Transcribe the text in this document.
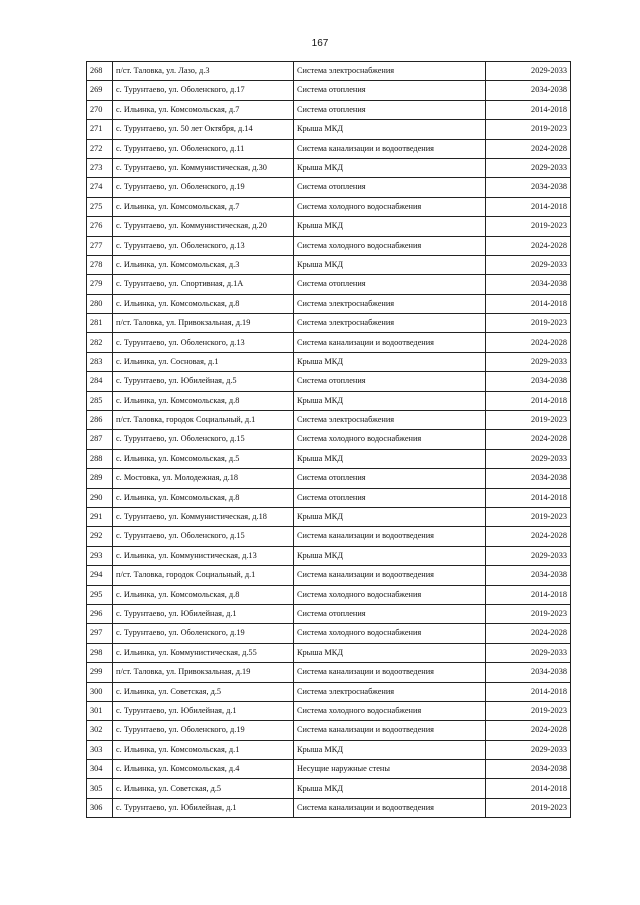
167
268	п/ст. Таловка, ул. Лазо, д.3	Система электроснабжения	2029-2033
269	с. Турунтаево, ул. Оболенского, д.17	Система отопления	2034-2038
270	с. Ильинка, ул. Комсомольская, д.7	Система отопления	2014-2018
271	с. Турунтаево, ул. 50 лет Октября, д.14	Крыша МКД	2019-2023
272	с. Турунтаево, ул. Оболенского, д.11	Система канализации и водоотведения	2024-2028
273	с. Турунтаево, ул. Коммунистическая, д.30	Крыша МКД	2029-2033
274	с. Турунтаево, ул. Оболенского, д.19	Система отопления	2034-2038
275	с. Ильинка, ул. Комсомольская, д.7	Система холодного водоснабжения	2014-2018
276	с. Турунтаево, ул. Коммунистическая, д.20	Крыша МКД	2019-2023
277	с. Турунтаево, ул. Оболенского, д.13	Система холодного водоснабжения	2024-2028
278	с. Ильинка, ул. Комсомольская, д.3	Крыша МКД	2029-2033
279	с. Турунтаево, ул. Спортивная, д.1А	Система отопления	2034-2038
280	с. Ильинка, ул. Комсомольская, д.8	Система электроснабжения	2014-2018
281	п/ст. Таловка, ул. Привокзальная, д.19	Система электроснабжения	2019-2023
282	с. Турунтаево, ул. Оболенского, д.13	Система канализации и водоотведения	2024-2028
283	с. Ильинка, ул. Сосновая, д.1	Крыша МКД	2029-2033
284	с. Турунтаево, ул. Юбилейная, д.5	Система отопления	2034-2038
285	с. Ильинка, ул. Комсомольская, д.8	Крыша МКД	2014-2018
286	п/ст. Таловка, городок Социальный, д.1	Система электроснабжения	2019-2023
287	с. Турунтаево, ул. Оболенского, д.15	Система холодного водоснабжения	2024-2028
288	с. Ильинка, ул. Комсомольская, д.5	Крыша МКД	2029-2033
289	с. Мостовка, ул. Молодежная, д.18	Система отопления	2034-2038
290	с. Ильинка, ул. Комсомольская, д.8	Система отопления	2014-2018
291	с. Турунтаево, ул. Коммунистическая, д.18	Крыша МКД	2019-2023
292	с. Турунтаево, ул. Оболенского, д.15	Система канализации и водоотведения	2024-2028
293	с. Ильинка, ул. Коммунистическая, д.13	Крыша МКД	2029-2033
294	п/ст. Таловка, городок Социальный, д.1	Система канализации и водоотведения	2034-2038
295	с. Ильинка, ул. Комсомольская, д.8	Система холодного водоснабжения	2014-2018
296	с. Турунтаево, ул. Юбилейная, д.1	Система отопления	2019-2023
297	с. Турунтаево, ул. Оболенского, д.19	Система холодного водоснабжения	2024-2028
298	с. Ильинка, ул. Коммунистическая, д.55	Крыша МКД	2029-2033
299	п/ст. Таловка, ул. Привокзальная, д.19	Система канализации и водоотведения	2034-2038
300	с. Ильинка, ул. Советская, д.5	Система электроснабжения	2014-2018
301	с. Турунтаево, ул. Юбилейная, д.1	Система холодного водоснабжения	2019-2023
302	с. Турунтаево, ул. Оболенского, д.19	Система канализации и водоотведения	2024-2028
303	с. Ильинка, ул. Комсомольская, д.1	Крыша МКД	2029-2033
304	с. Ильинка, ул. Комсомольская, д.4	Несущие наружные стены	2034-2038
305	с. Ильинка, ул. Советская, д.5	Крыша МКД	2014-2018
306	с. Турунтаево, ул. Юбилейная, д.1	Система канализации и водоотведения	2019-2023
